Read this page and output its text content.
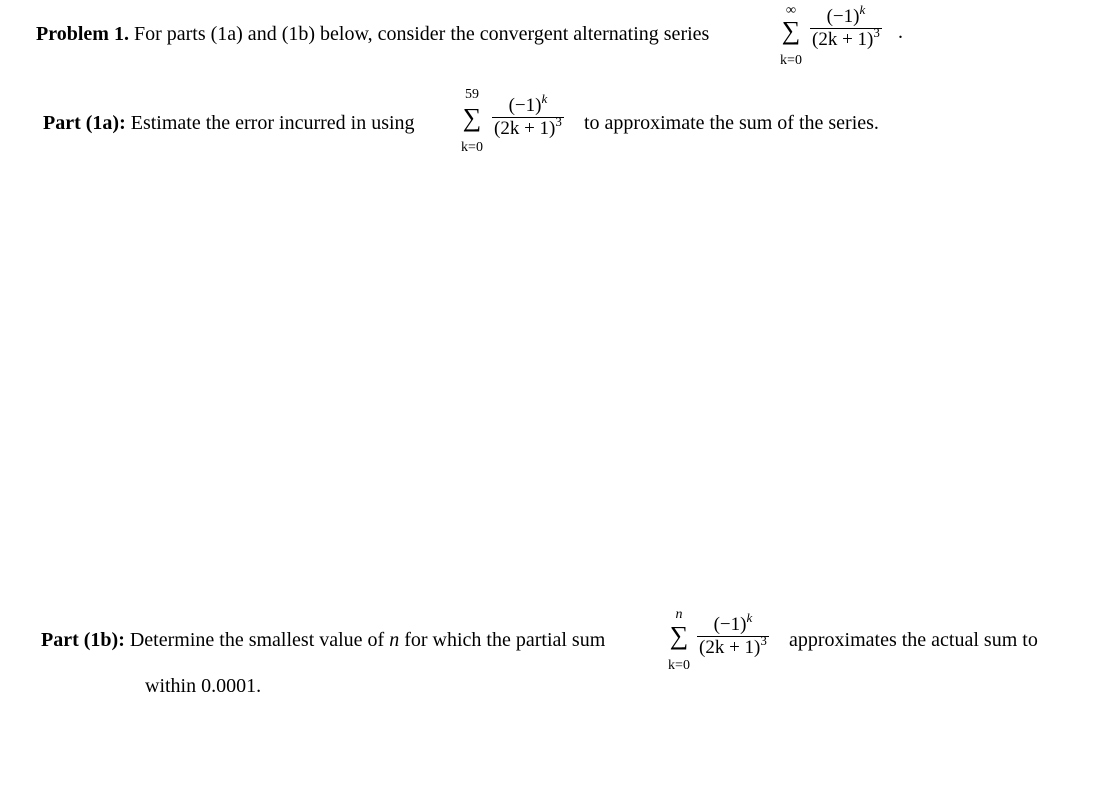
Problem 1. For parts (1a) and (1b) below, consider the convergent alternating series
∞
∑
k=0
$(-1)^k$
$(2k + 1)^3$ .
Part (1a): Estimate the error incurred in using
59
∑
k=0
$(-1)^k$
$(2k + 1)^3$ to approximate the sum of the series.
Part (1b): Determine the smallest value of n for which the partial sum
n
∑
k=0
$(-1)^k$
$(2k + 1)^3$ approximates the actual sum to
within 0.0001.
